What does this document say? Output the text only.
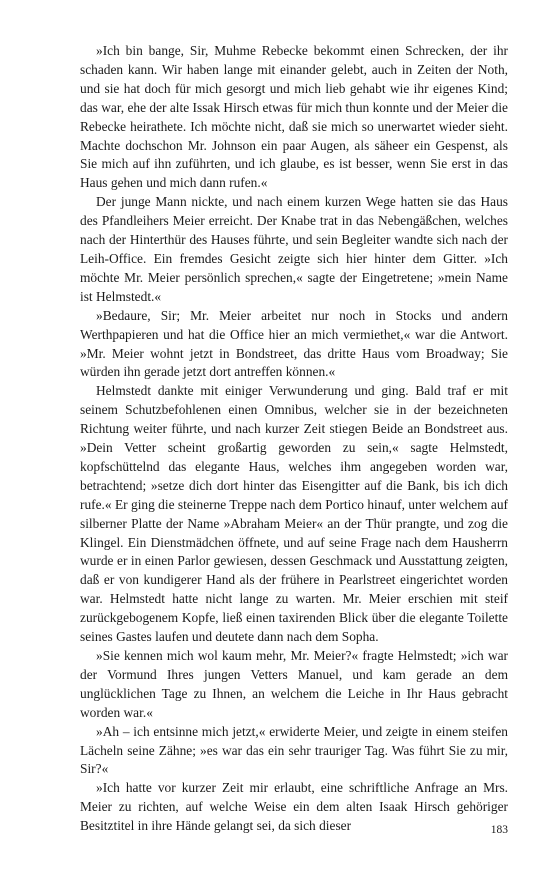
»Ich bin bange, Sir, Muhme Rebecke bekommt einen Schrecken, der ihr schaden kann. Wir haben lange mit einander gelebt, auch in Zeiten der Noth, und sie hat doch für mich gesorgt und mich lieb gehabt wie ihr eigenes Kind; das war, ehe der alte Issak Hirsch etwas für mich thun konnte und der Meier die Rebecke heirathete. Ich möchte nicht, daß sie mich so unerwartet wieder sieht. Machte dochschon Mr. Johnson ein paar Augen, als säheer ein Gespenst, als Sie mich auf ihn zuführten, und ich glaube, es ist besser, wenn Sie erst in das Haus gehen und mich dann rufen.«

Der junge Mann nickte, und nach einem kurzen Wege hatten sie das Haus des Pfandleihers Meier erreicht. Der Knabe trat in das Nebengäßchen, welches nach der Hinterthür des Hauses führte, und sein Begleiter wandte sich nach der Leih-Office. Ein fremdes Gesicht zeigte sich hier hinter dem Gitter. »Ich möchte Mr. Meier persönlich sprechen,« sagte der Eingetretene; »mein Name ist Helmstedt.«

»Bedaure, Sir; Mr. Meier arbeitet nur noch in Stocks und andern Werthpapieren und hat die Office hier an mich vermiethet,« war die Antwort. »Mr. Meier wohnt jetzt in Bondstreet, das dritte Haus vom Broadway; Sie würden ihn gerade jetzt dort antreffen können.«

Helmstedt dankte mit einiger Verwunderung und ging. Bald traf er mit seinem Schutzbefohlenen einen Omnibus, welcher sie in der bezeichneten Richtung weiter führte, und nach kurzer Zeit stiegen Beide an Bondstreet aus. »Dein Vetter scheint großartig geworden zu sein,« sagte Helmstedt, kopfschüttelnd das elegante Haus, welches ihm angegeben worden war, betrachtend; »setze dich dort hinter das Eisengitter auf die Bank, bis ich dich rufe.« Er ging die steinerne Treppe nach dem Portico hinauf, unter welchem auf silberner Platte der Name »Abraham Meier« an der Thür prangte, und zog die Klingel. Ein Dienstmädchen öffnete, und auf seine Frage nach dem Hausherrn wurde er in einen Parlor gewiesen, dessen Geschmack und Ausstattung zeigten, daß er von kundigerer Hand als der frühere in Pearlstreet eingerichtet worden war. Helmstedt hatte nicht lange zu warten. Mr. Meier erschien mit steif zurückgebogenem Kopfe, ließ einen taxirenden Blick über die elegante Toilette seines Gastes laufen und deutete dann nach dem Sopha.

»Sie kennen mich wol kaum mehr, Mr. Meier?« fragte Helmstedt; »ich war der Vormund Ihres jungen Vetters Manuel, und kam gerade an dem unglücklichen Tage zu Ihnen, an welchem die Leiche in Ihr Haus gebracht worden war.«

»Ah – ich entsinne mich jetzt,« erwiderte Meier, und zeigte in einem steifen Lächeln seine Zähne; »es war das ein sehr trauriger Tag. Was führt Sie zu mir, Sir?«

»Ich hatte vor kurzer Zeit mir erlaubt, eine schriftliche Anfrage an Mrs. Meier zu richten, auf welche Weise ein dem alten Isaak Hirsch gehöriger Besitztitel in ihre Hände gelangt sei, da sich dieser	183
